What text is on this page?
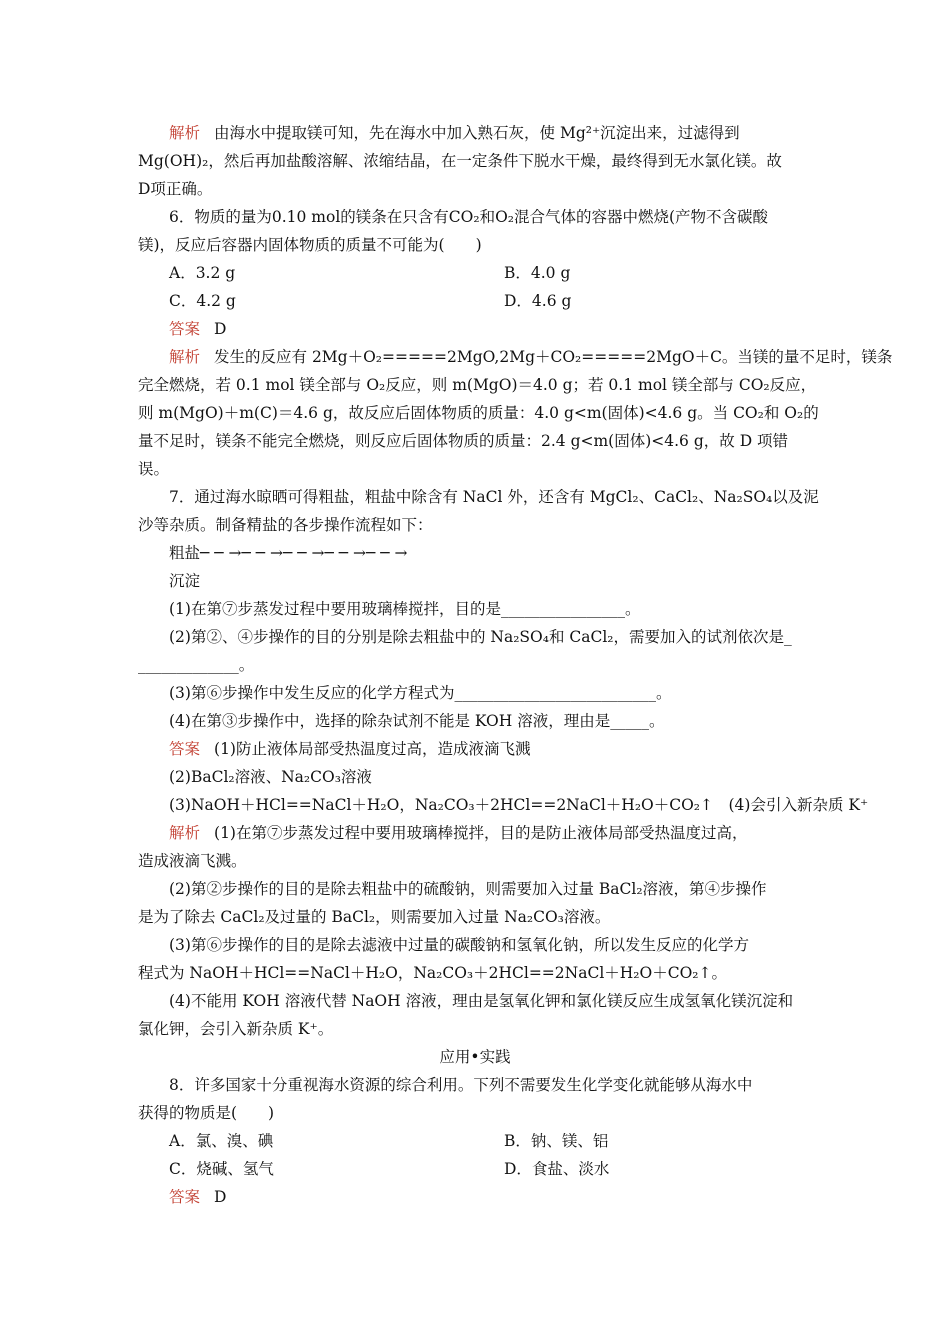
解析 由海水中提取镁可知，先在海水中加入熟石灰，使 Mg²⁺沉淀出来，过滤得到
Mg(OH)₂，然后再加盐酸溶解、浓缩结晶，在一定条件下脱水干燥，最终得到无水氯化镁。故
D项正确。
6．物质的量为0.10 mol的镁条在只含有CO₂和O₂混合气体的容器中燃烧(产物不含碳酸
镁)，反应后容器内固体物质的质量不可能为(　　)
A．3.2 g	B．4.0 g
C．4.2 g	D．4.6 g
答案 D
解析 发生的反应有 2Mg＋O₂=====2MgO,2Mg＋CO₂=====2MgO＋C。当镁的量不足时，镁条
完全燃烧，若 0.1 mol 镁全部与 O₂反应，则 m(MgO)＝4.0 g；若 0.1 mol 镁全部与 CO₂反应，
则 m(MgO)＋m(C)＝4.6 g，故反应后固体物质的质量：4.0 g<m(固体)<4.6 g。当 CO₂和 O₂的
量不足时，镁条不能完全燃烧，则反应后固体物质的质量：2.4 g<m(固体)<4.6 g，故 D 项错
误。
7．通过海水晾晒可得粗盐，粗盐中除含有 NaCl 外，还含有 MgCl₂、CaCl₂、Na₂SO₄以及泥
沙等杂质。制备精盐的各步操作流程如下：
粗盐─ ─ →─ ─ →─ ─ →─ ─ →─ ─ →
沉淀
(1)在第⑦步蒸发过程中要用玻璃棒搅拌，目的是________________。
(2)第②、④步操作的目的分别是除去粗盐中的 Na₂SO₄和 CaCl₂，需要加入的试剂依次是_
_____________。
(3)第⑥步操作中发生反应的化学方程式为__________________________。
(4)在第③步操作中，选择的除杂试剂不能是 KOH 溶液，理由是_____。
答案 (1)防止液体局部受热温度过高，造成液滴飞溅
(2)BaCl₂溶液、Na₂CO₃溶液
(3)NaOH＋HCl==NaCl＋H₂O，Na₂CO₃＋2HCl==2NaCl＋H₂O＋CO₂↑　(4)会引入新杂质 K⁺
解析 (1)在第⑦步蒸发过程中要用玻璃棒搅拌，目的是防止液体局部受热温度过高，
造成液滴飞溅。
(2)第②步操作的目的是除去粗盐中的硫酸钠，则需要加入过量 BaCl₂溶液，第④步操作
是为了除去 CaCl₂及过量的 BaCl₂，则需要加入过量 Na₂CO₃溶液。
(3)第⑥步操作的目的是除去滤液中过量的碳酸钠和氢氧化钠，所以发生反应的化学方
程式为 NaOH＋HCl==NaCl＋H₂O，Na₂CO₃＋2HCl==2NaCl＋H₂O＋CO₂↑。
(4)不能用 KOH 溶液代替 NaOH 溶液，理由是氢氧化钾和氯化镁反应生成氢氧化镁沉淀和
氯化钾，会引入新杂质 K⁺。
应用•实践
8．许多国家十分重视海水资源的综合利用。下列不需要发生化学变化就能够从海水中
获得的物质是(　　)
A．氯、溴、碘	B．钠、镁、铝
C．烧碱、氢气	D．食盐、淡水
答案 D
